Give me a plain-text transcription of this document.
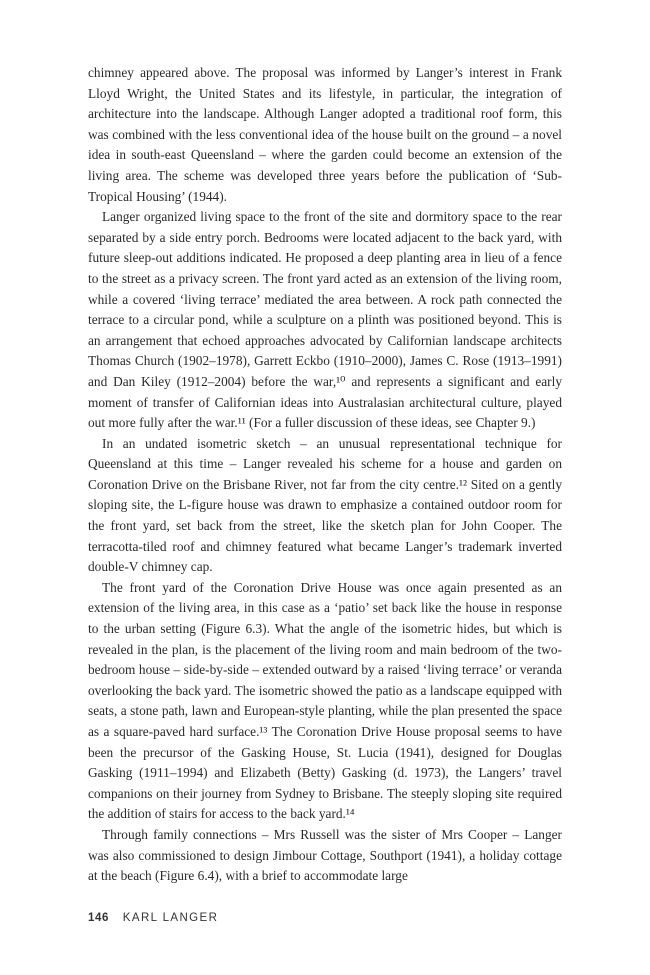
chimney appeared above. The proposal was informed by Langer’s interest in Frank Lloyd Wright, the United States and its lifestyle, in particular, the integration of architecture into the landscape. Although Langer adopted a traditional roof form, this was combined with the less conventional idea of the house built on the ground – a novel idea in south-east Queensland – where the garden could become an extension of the living area. The scheme was developed three years before the publication of ‘Sub-Tropical Housing’ (1944).

Langer organized living space to the front of the site and dormitory space to the rear separated by a side entry porch. Bedrooms were located adjacent to the back yard, with future sleep-out additions indicated. He proposed a deep planting area in lieu of a fence to the street as a privacy screen. The front yard acted as an extension of the living room, while a covered ‘living terrace’ mediated the area between. A rock path connected the terrace to a circular pond, while a sculpture on a plinth was positioned beyond. This is an arrangement that echoed approaches advocated by Californian landscape architects Thomas Church (1902–1978), Garrett Eckbo (1910–2000), James C. Rose (1913–1991) and Dan Kiley (1912–2004) before the war,¹⁰ and represents a significant and early moment of transfer of Californian ideas into Australasian architectural culture, played out more fully after the war.¹¹ (For a fuller discussion of these ideas, see Chapter 9.)

In an undated isometric sketch – an unusual representational technique for Queensland at this time – Langer revealed his scheme for a house and garden on Coronation Drive on the Brisbane River, not far from the city centre.¹² Sited on a gently sloping site, the L-figure house was drawn to emphasize a contained outdoor room for the front yard, set back from the street, like the sketch plan for John Cooper. The terracotta-tiled roof and chimney featured what became Langer’s trademark inverted double-V chimney cap.

The front yard of the Coronation Drive House was once again presented as an extension of the living area, in this case as a ‘patio’ set back like the house in response to the urban setting (Figure 6.3). What the angle of the isometric hides, but which is revealed in the plan, is the placement of the living room and main bedroom of the two-bedroom house – side-by-side – extended outward by a raised ‘living terrace’ or veranda overlooking the back yard. The isometric showed the patio as a landscape equipped with seats, a stone path, lawn and European-style planting, while the plan presented the space as a square-paved hard surface.¹³ The Coronation Drive House proposal seems to have been the precursor of the Gasking House, St. Lucia (1941), designed for Douglas Gasking (1911–1994) and Elizabeth (Betty) Gasking (d. 1973), the Langers’ travel companions on their journey from Sydney to Brisbane. The steeply sloping site required the addition of stairs for access to the back yard.¹⁴

Through family connections – Mrs Russell was the sister of Mrs Cooper – Langer was also commissioned to design Jimbour Cottage, Southport (1941), a holiday cottage at the beach (Figure 6.4), with a brief to accommodate large

146 KARL LANGER
